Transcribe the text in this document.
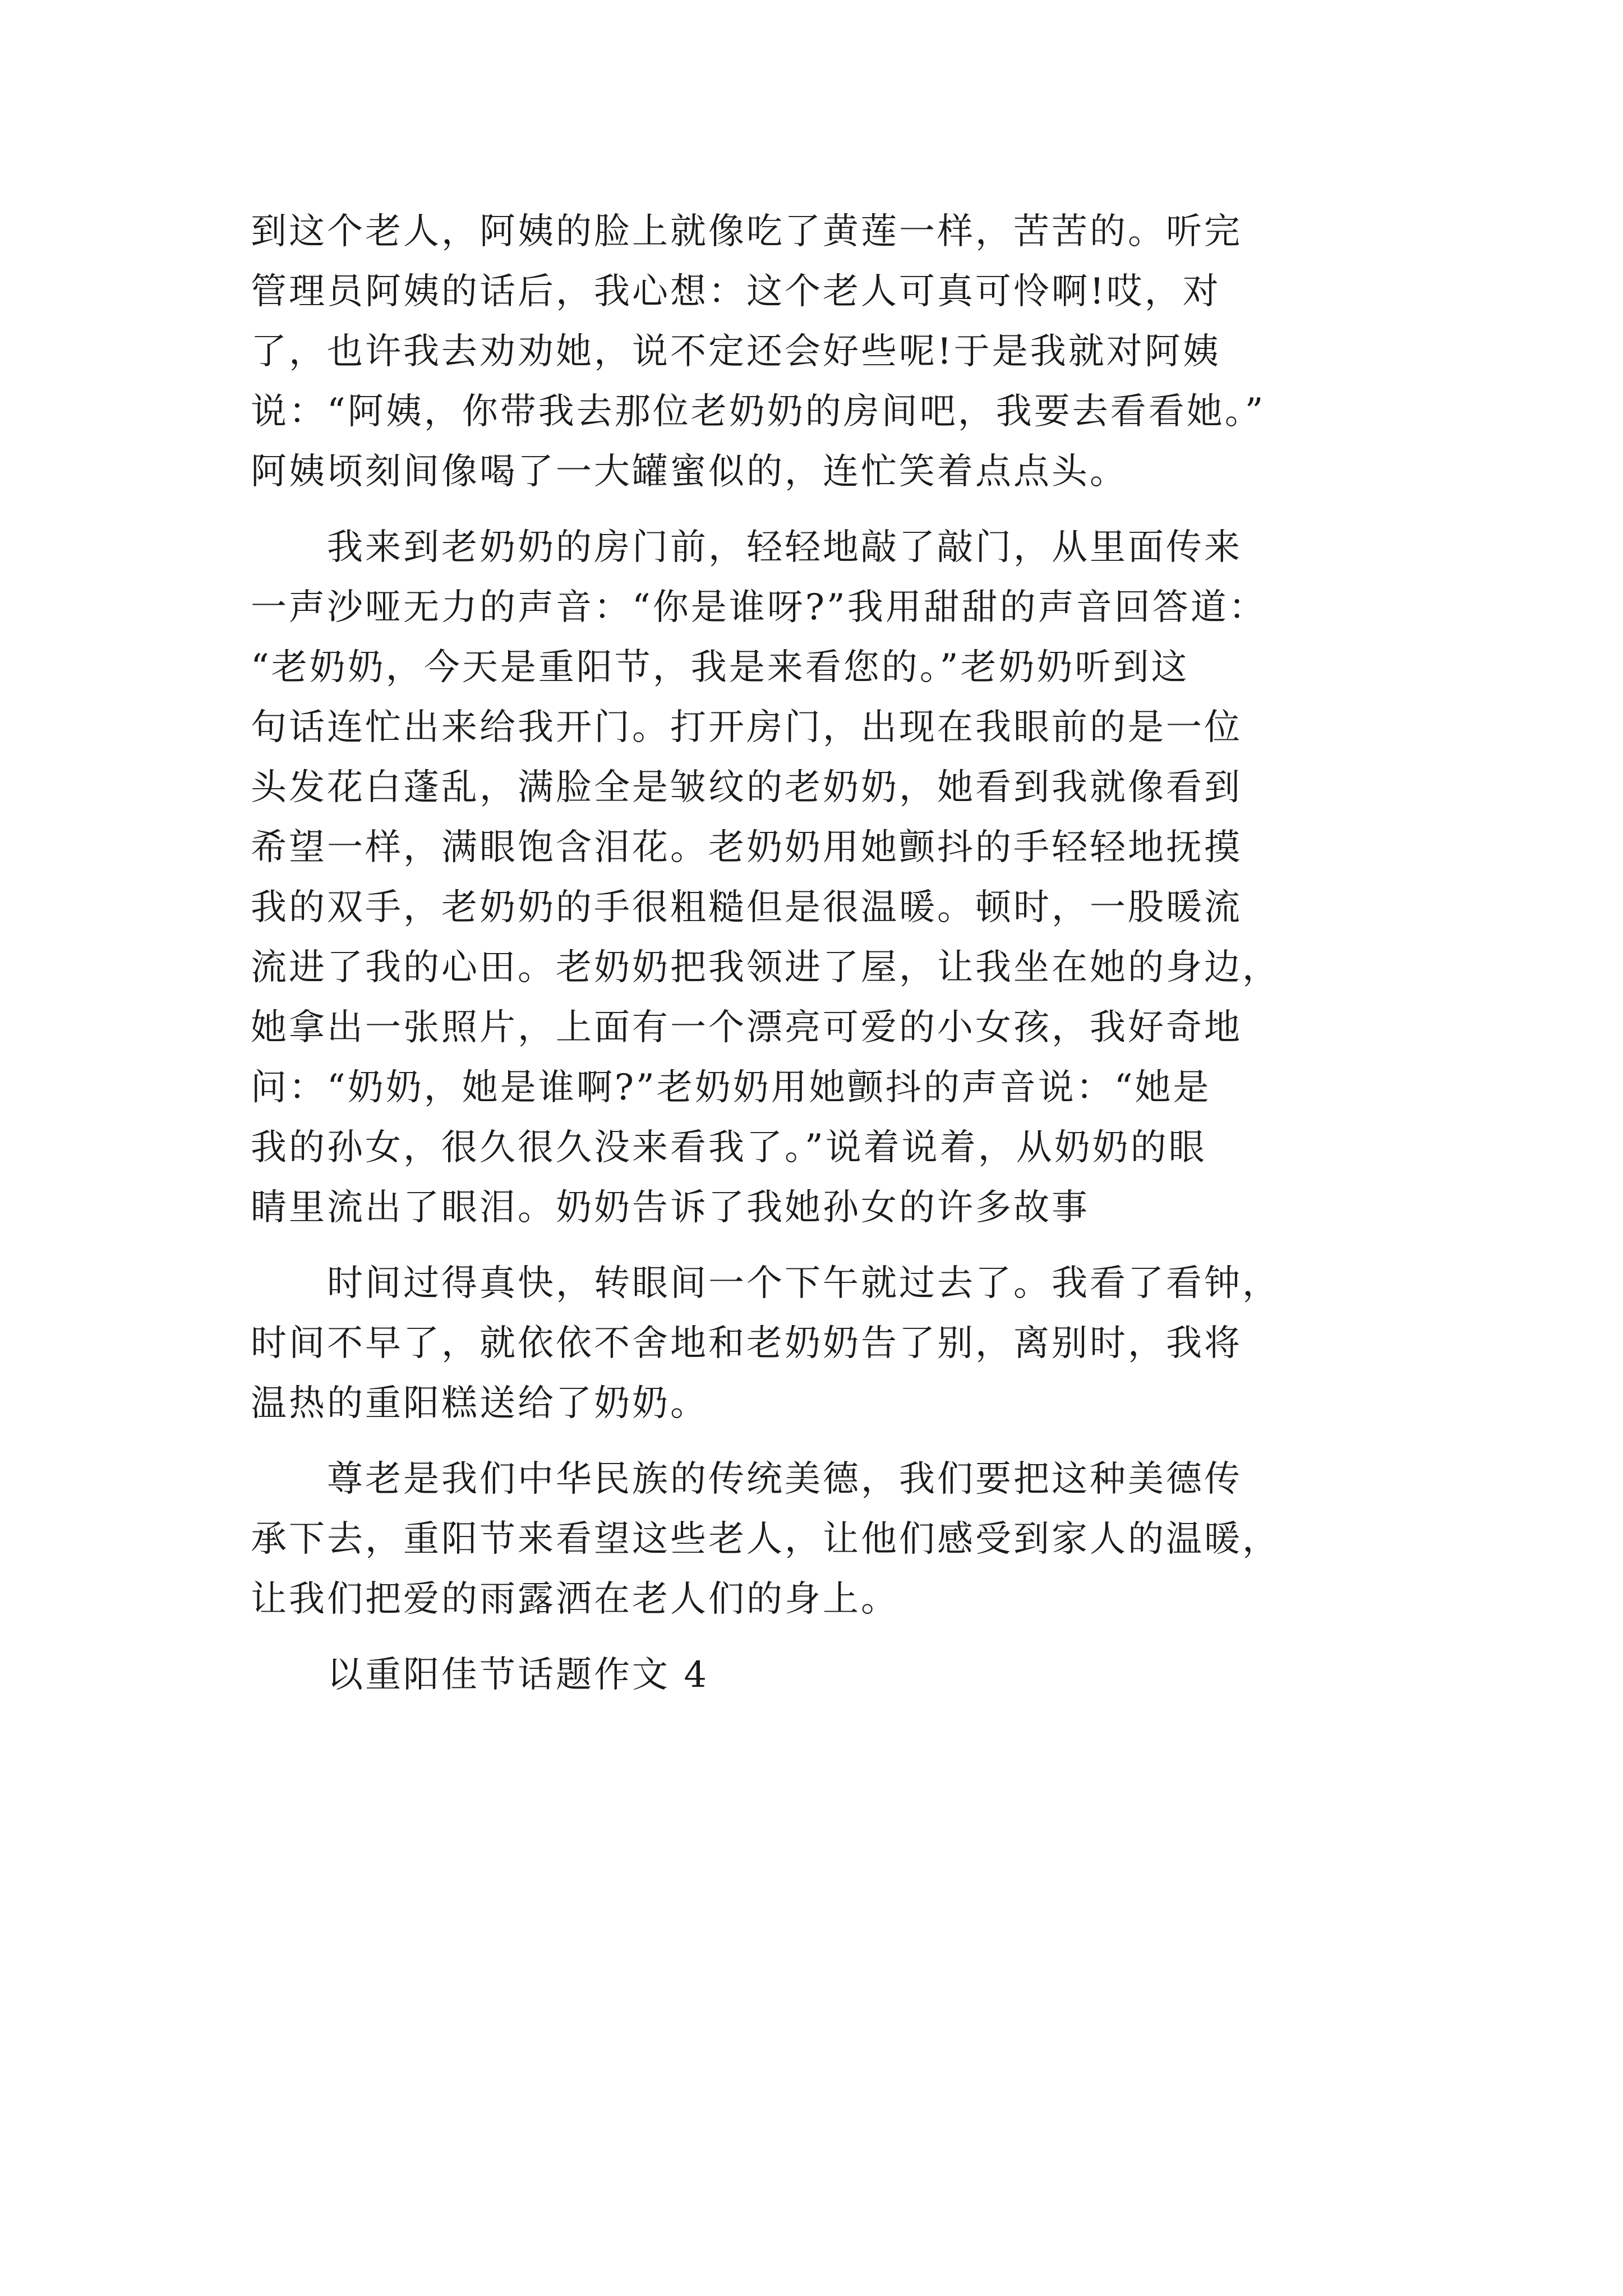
到这个老人，阿姨的脸上就像吃了黄莲一样，苦苦的。听完
管理员阿姨的话后，我心想：这个老人可真可怜啊!哎，对
了，也许我去劝劝她，说不定还会好些呢!于是我就对阿姨
说：“阿姨，你带我去那位老奶奶的房间吧，我要去看看她。”
阿姨顷刻间像喝了一大罐蜜似的，连忙笑着点点头。
　　我来到老奶奶的房门前，轻轻地敲了敲门，从里面传来
一声沙哑无力的声音：“你是谁呀?”我用甜甜的声音回答道：
“老奶奶，今天是重阳节，我是来看您的。”老奶奶听到这
句话连忙出来给我开门。打开房门，出现在我眼前的是一位
头发花白蓬乱，满脸全是皱纹的老奶奶，她看到我就像看到
希望一样，满眼饱含泪花。老奶奶用她颤抖的手轻轻地抚摸
我的双手，老奶奶的手很粗糙但是很温暖。顿时，一股暖流
流进了我的心田。老奶奶把我领进了屋，让我坐在她的身边，
她拿出一张照片，上面有一个漂亮可爱的小女孩，我好奇地
问：“奶奶，她是谁啊?”老奶奶用她颤抖的声音说：“她是
我的孙女，很久很久没来看我了。”说着说着，从奶奶的眼
睛里流出了眼泪。奶奶告诉了我她孙女的许多故事
　　时间过得真快，转眼间一个下午就过去了。我看了看钟，
时间不早了，就依依不舍地和老奶奶告了别，离别时，我将
温热的重阳糕送给了奶奶。
　　尊老是我们中华民族的传统美德，我们要把这种美德传
承下去，重阳节来看望这些老人，让他们感受到家人的温暖，
让我们把爱的雨露洒在老人们的身上。
　　以重阳佳节话题作文 4
